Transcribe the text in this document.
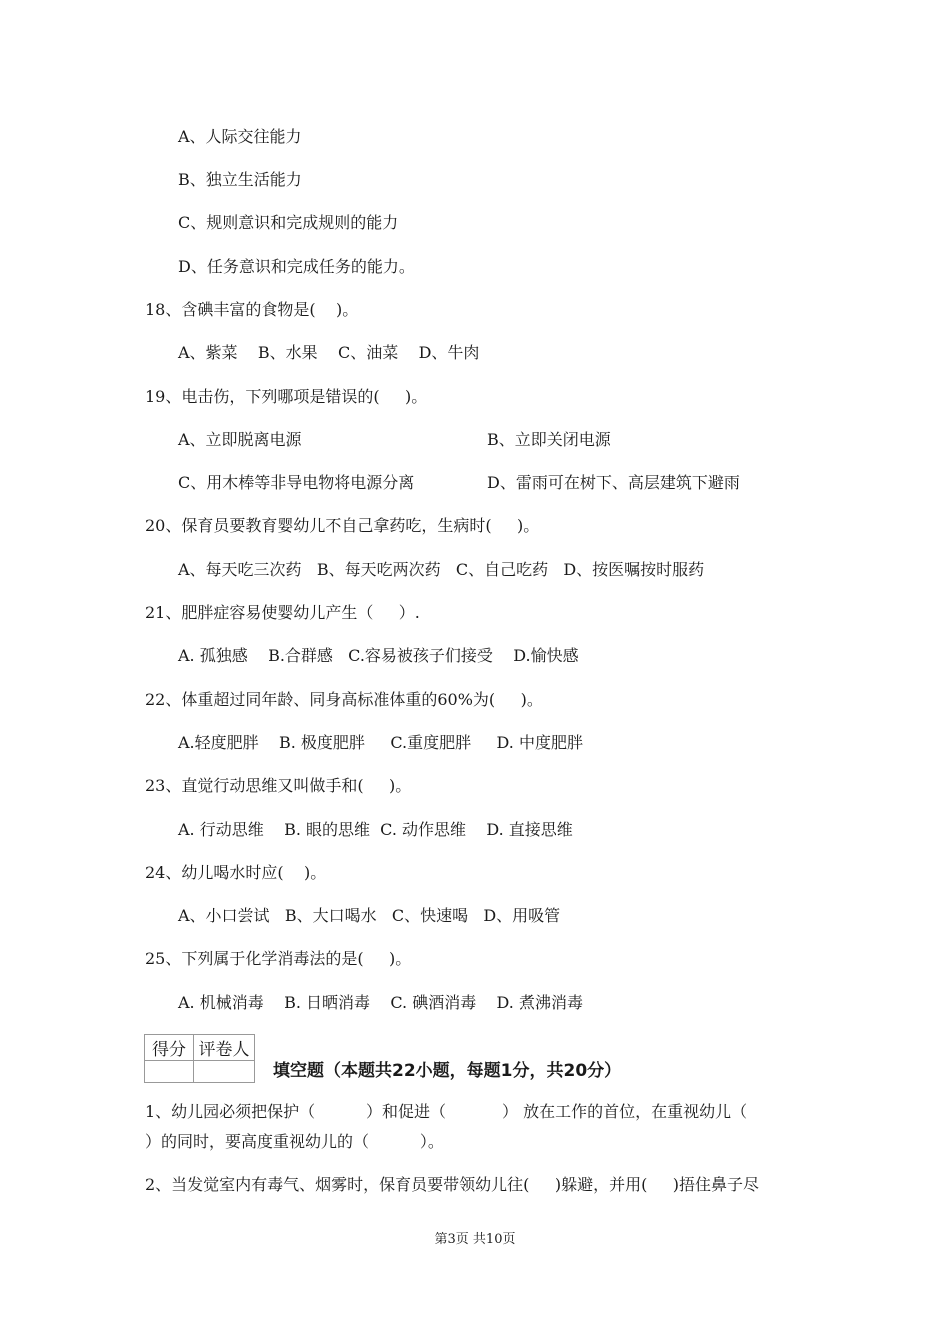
A、人际交往能力
B、独立生活能力
C、规则意识和完成规则的能力
D、任务意识和完成任务的能力。
18、含碘丰富的食物是(    )。
A、紫菜    B、水果    C、油菜    D、牛肉
19、电击伤，下列哪项是错误的(     )。
A、立即脱离电源	B、立即关闭电源
C、用木棒等非导电物将电源分离	D、雷雨可在树下、高层建筑下避雨
20、保育员要教育婴幼儿不自己拿药吃，生病时(     )。
A、每天吃三次药   B、每天吃两次药   C、自己吃药   D、按医嘱按时服药
21、肥胖症容易使婴幼儿产生（     ）.
A. 孤独感    B.合群感   C.容易被孩子们接受    D.愉快感
22、体重超过同年龄、同身高标准体重的60%为(     )。
A.轻度肥胖    B. 极度肥胖     C.重度肥胖     D. 中度肥胖
23、直觉行动思维又叫做手和(     )。
A. 行动思维    B. 眼的思维  C. 动作思维    D. 直接思维
24、幼儿喝水时应(    )。
A、小口尝试   B、大口喝水   C、快速喝   D、用吸管
25、下列属于化学消毒法的是(     )。
A. 机械消毒    B. 日晒消毒    C. 碘酒消毒    D. 煮沸消毒
得分	评卷人

填空题（本题共22小题，每题1分，共20分）
1、幼儿园必须把保护（          ）和促进（           ） 放在工作的首位，在重视幼儿（
）的同时，要高度重视幼儿的（          ）。
2、当发觉室内有毒气、烟雾时，保育员要带领幼儿往(     )躲避，并用(     )捂住鼻子尽
第3页 共10页
